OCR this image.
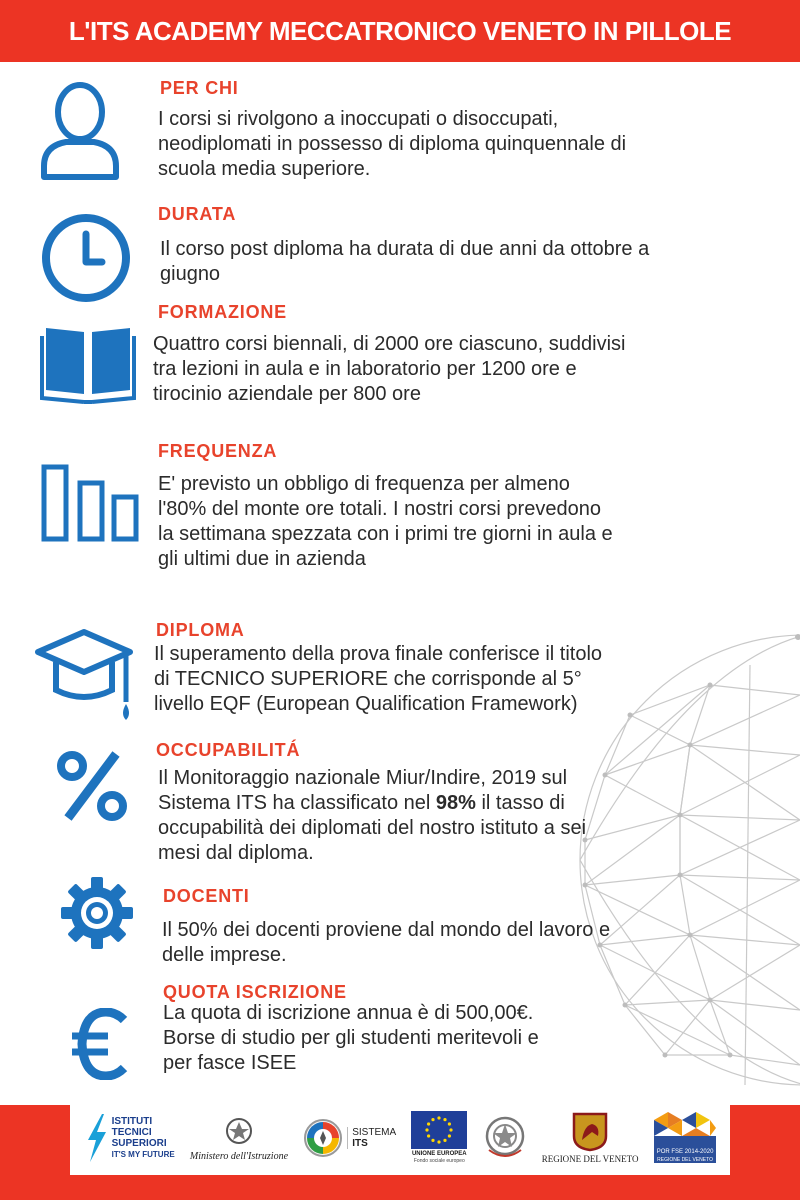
L'ITS ACADEMY MECCATRONICO VENETO IN PILLOLE
PER CHI
I corsi si rivolgono a inoccupati o disoccupati,
neodiplomati in possesso di diploma quinquennale di
scuola media superiore.
DURATA
Il corso post diploma ha durata di due anni da ottobre a
giugno
FORMAZIONE
Quattro corsi biennali, di 2000 ore ciascuno, suddivisi
tra lezioni in aula e in laboratorio per 1200 ore e
tirocinio aziendale per 800 ore
FREQUENZA
E' previsto un obbligo di frequenza per almeno
l'80% del monte ore totali. I nostri corsi prevedono
la settimana spezzata con i primi tre giorni in aula e
gli ultimi due in azienda
DIPLOMA
Il superamento della prova finale conferisce il titolo
di TECNICO SUPERIORE che corrisponde al 5°
livello EQF (European Qualification Framework)
OCCUPABILITÁ
Il Monitoraggio nazionale Miur/Indire, 2019 sul
Sistema ITS ha classificato nel 98% il tasso di
occupabilità dei diplomati del nostro istituto a sei
mesi dal diploma.
DOCENTI
Il 50% dei docenti proviene dal mondo del lavoro e
delle imprese.
QUOTA ISCRIZIONE
La quota di iscrizione annua è di 500,00€.
Borse di studio per gli studenti meritevoli e
per fasce ISEE
ISTITUTI
TECNICI
SUPERIORI
IT'S MY FUTURE Ministero dell'Istruzione
SISTEMA
ITS
UNIONE EUROPEA
Fondo sociale europeo	REGIONE DEL VENETO
POR FSE 2014-2020
REGIONE DEL VENETO
